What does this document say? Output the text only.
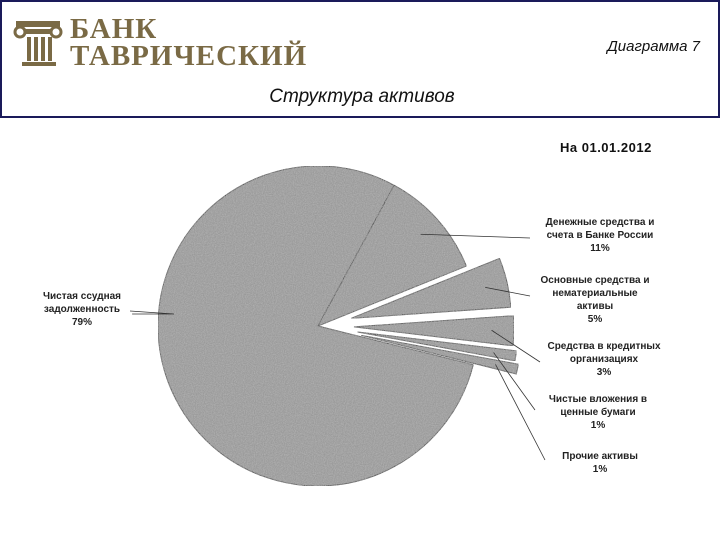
БАНК
ТАВРИЧЕСКИЙ	Диаграмма 7
Структура активов
На 01.01.2012
Чистая ссудная
задолженность
79%
Денежные средства и
счета в Банке России
11%
Основные средства и
нематериальные
активы
5%
Средства в кредитных
организациях
3%
Чистые вложения в
ценные бумаги
1%
Прочие активы
1%
